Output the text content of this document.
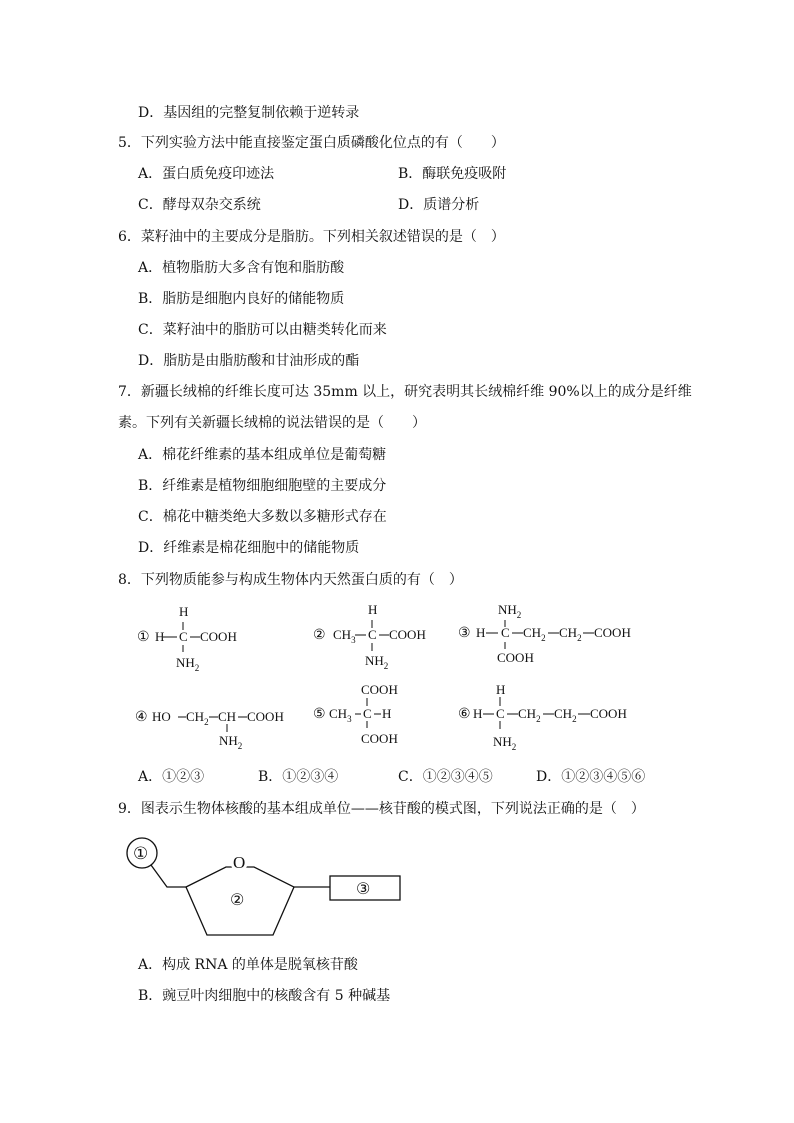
D．基因组的完整复制依赖于逆转录
5．下列实验方法中能直接鉴定蛋白质磷酸化位点的有（　　）
A．蛋白质免疫印迹法	B．酶联免疫吸附
C．酵母双杂交系统	D．质谱分析
6．菜籽油中的主要成分是脂肪。下列相关叙述错误的是（　）
A．植物脂肪大多含有饱和脂肪酸
B．脂肪是细胞内良好的储能物质
C．菜籽油中的脂肪可以由糖类转化而来
D．脂肪是由脂肪酸和甘油形成的酯
7．新疆长绒棉的纤维长度可达 35mm 以上，研究表明其长绒棉纤维 90%以上的成分是纤维
素。下列有关新疆长绒棉的说法错误的是（　　）
A．棉花纤维素的基本组成单位是葡萄糖
B．纤维素是植物细胞细胞壁的主要成分
C．棉花中糖类绝大多数以多糖形式存在
D．纤维素是棉花细胞中的储能物质
8．下列物质能参与构成生物体内天然蛋白质的有（　）
①
H
H C COOH
$NH_2$
②
H
$CH_3$ C COOH
$NH_2$
③
$NH_2$
H C $CH_2$ $CH_2$ COOH
COOH
④ HO $CH_2$ CH COOH
$NH_2$
⑤
COOH
$CH_3$ C H
COOH
⑥
H
H C $CH_2$ $CH_2$ COOH
$NH_2$
A．①②③	B．①②③④	C．①②③④⑤	D．①②③④⑤⑥
9．图表示生物体核酸的基本组成单位——核苷酸的模式图，下列说法正确的是（　）
①	O
②
③
A．构成 RNA 的单体是脱氧核苷酸
B．豌豆叶肉细胞中的核酸含有 5 种碱基
